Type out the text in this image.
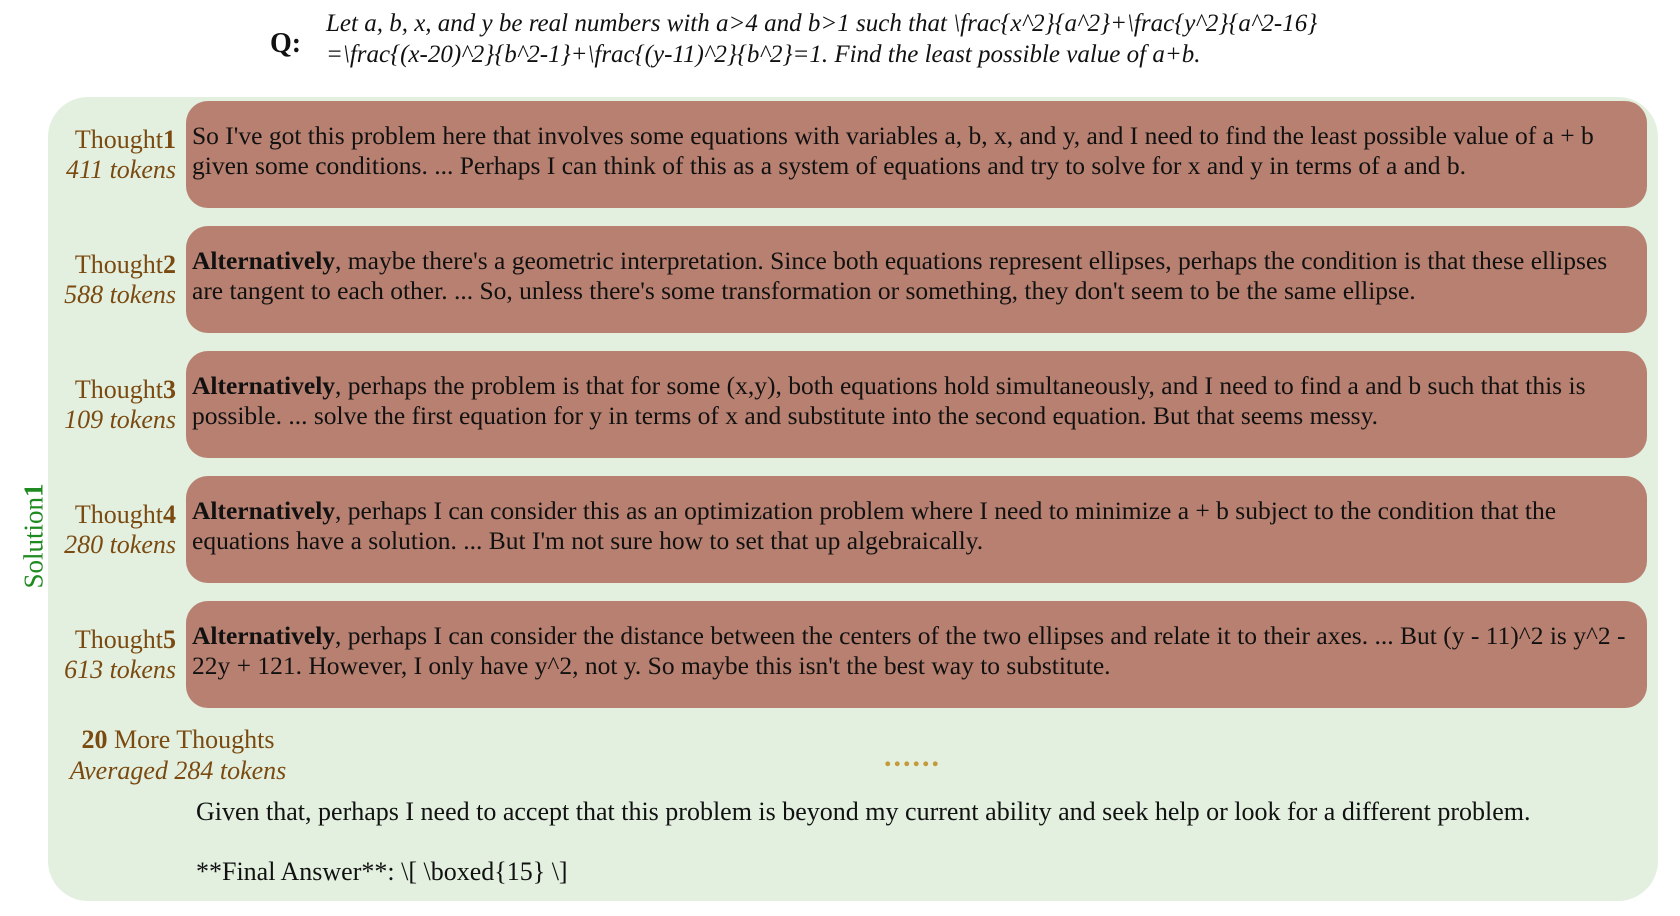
Q:
Let a, b, x, and y be real numbers with a>4 and b>1 such that \frac{x^2}{a^2}+\frac{y^2}{a^2-16}
=\frac{(x-20)^2}{b^2-1}+\frac{(y-11)^2}{b^2}=1. Find the least possible value of a+b.
Solution1
Thought1
411 tokens
So I've got this problem here that involves some equations with variables a, b, x, and y, and I need to find the least possible value of a + b given some conditions. ... Perhaps I can think of this as a system of equations and try to solve for x and y in terms of a and b.
Thought2
588 tokens
Alternatively, maybe there's a geometric interpretation. Since both equations represent ellipses, perhaps the condition is that these ellipses are tangent to each other. ... So, unless there's some transformation or something, they don't seem to be the same ellipse.
Thought3
109 tokens
Alternatively, perhaps the problem is that for some (x,y), both equations hold simultaneously, and I need to find a and b such that this is possible. ... solve the first equation for y in terms of x and substitute into the second equation. But that seems messy.
Thought4
280 tokens
Alternatively, perhaps I can consider this as an optimization problem where I need to minimize a + b subject to the condition that the equations have a solution. ... But I'm not sure how to set that up algebraically.
Thought5
613 tokens
Alternatively, perhaps I can consider the distance between the centers of the two ellipses and relate it to their axes. ... But (y - 11)^2 is y^2 - 22y + 121. However, I only have y^2, not y. So maybe this isn't the best way to substitute.
20 More Thoughts
Averaged 284 tokens	......
Given that, perhaps I need to accept that this problem is beyond my current ability and seek help or look for a different problem.
**Final Answer**: \[ \boxed{15} \]
